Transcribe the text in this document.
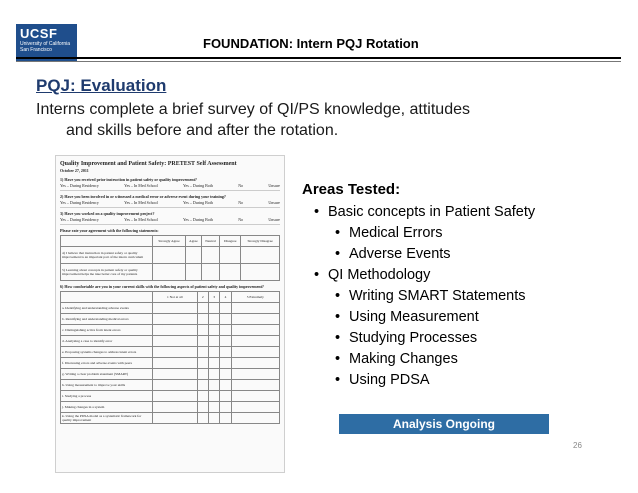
UCSF
University of California San Francisco	FOUNDATION: Intern PQJ Rotation
PQJ: Evaluation
Interns complete a brief survey of QI/PS knowledge, attitudes
and skills before and after the rotation.
Quality Improvement and Patient Safety: PRETEST Self Assessment
October 27, 2011
1) Have you received prior instruction in patient safety or quality improvement?
Yes – During Residency	Yes – In Med School	Yes – During Both	No	Unsure
2) Have you been involved in or witnessed a medical error or adverse event during your training?
Yes – During Residency	Yes – In Med School	Yes – During Both	No	Unsure
3) Have you worked on a quality improvement project?
Yes – During Residency	Yes – In Med School	Yes – During Both	No	Unsure
Please rate your agreement with the following statements:
	Strongly Agree	Agree	Neutral	Disagree	Strongly Disagree
4) I believe that instruction in patient safety or quality improvement is an important part of the intern curriculum					
5) Learning about concepts in patient safety or quality improvement helps me take better care of my patients					
6) How comfortable are you in your current skills with the following aspects of patient safety and quality improvement?
	1 Not at all	2	3	4	5 Extremely
a. Identifying and understanding adverse events					
b. Identifying and understanding medical errors					
c. Distinguishing active from latent errors					
d. Analyzing a case to identify error					
e. Proposing systems changes to address latent errors					
f. Discussing errors and adverse events with peers					
g. Writing a clear problem statement (SMART)					
h. Using measurement to improve your skills					
i. Studying a process					
j. Making changes in a system					
k. Using the PDSA model as a systematic framework for quality improvement					
Areas Tested:
• Basic concepts in Patient Safety
• Medical Errors
• Adverse Events
• QI Methodology
• Writing SMART Statements
• Using Measurement
• Studying Processes
• Making Changes
• Using PDSA
Analysis Ongoing
26
